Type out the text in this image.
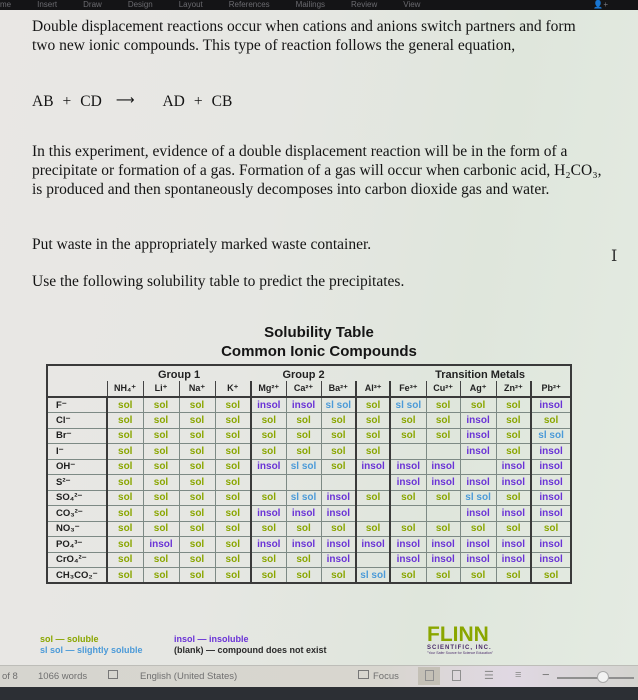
me	Insert	Draw	Design	Layout	References	Mailings	Review	View	👤+

Double displacement reactions occur when cations and anions switch partners and form two new ionic compounds. This type of reaction follows the general equation,

AB + CD ⟶ AD + CB

In this experiment, evidence of a double displacement reaction will be in the form of a precipitate or formation of a gas. Formation of a gas will occur when carbonic acid, H₂CO₃, is produced and then spontaneously decomposes into carbon dioxide gas and water.

Put waste in the appropriately marked waste container.

Use the following solubility table to predict the precipitates.

I
Solubility Table
Common Ionic Compounds
	Group 1				Group 2				Transition Metals				
	NH₄⁺	Li⁺	Na⁺	K⁺	Mg²⁺	Ca²⁺	Ba²⁺	Al³⁺	Fe³⁺	Cu²⁺	Ag⁺	Zn²⁺	Pb²⁺
F⁻	sol	sol	sol	sol	insol	insol	sl sol	sol	sl sol	sol	sol	sol	insol
Cl⁻	sol	sol	sol	sol	sol	sol	sol	sol	sol	sol	insol	sol	sol
Br⁻	sol	sol	sol	sol	sol	sol	sol	sol	sol	sol	insol	sol	sl sol
I⁻	sol	sol	sol	sol	sol	sol	sol	sol			insol	sol	insol
OH⁻	sol	sol	sol	sol	insol	sl sol	sol	insol	insol	insol		insol	insol
S²⁻	sol	sol	sol	sol					insol	insol	insol	insol	insol
SO₄²⁻	sol	sol	sol	sol	sol	sl sol	insol	sol	sol	sol	sl sol	sol	insol
CO₃²⁻	sol	sol	sol	sol	insol	insol	insol				insol	insol	insol
NO₃⁻	sol	sol	sol	sol	sol	sol	sol	sol	sol	sol	sol	sol	sol
PO₄³⁻	sol	insol	sol	sol	insol	insol	insol	insol	insol	insol	insol	insol	insol
CrO₄²⁻	sol	sol	sol	sol	sol	sol	insol		insol	insol	insol	insol	insol
CH₃CO₂⁻	sol	sol	sol	sol	sol	sol	sol	sl sol	sol	sol	sol	sol	sol
sol — soluble
sl sol — slightly soluble
insol — insoluble
(blank) — compound does not exist
FLINN
SCIENTIFIC, INC.
"Your Safer Source for Science Education"
of 8 1066 words	English (United States)	Focus	☰ ≡ −
